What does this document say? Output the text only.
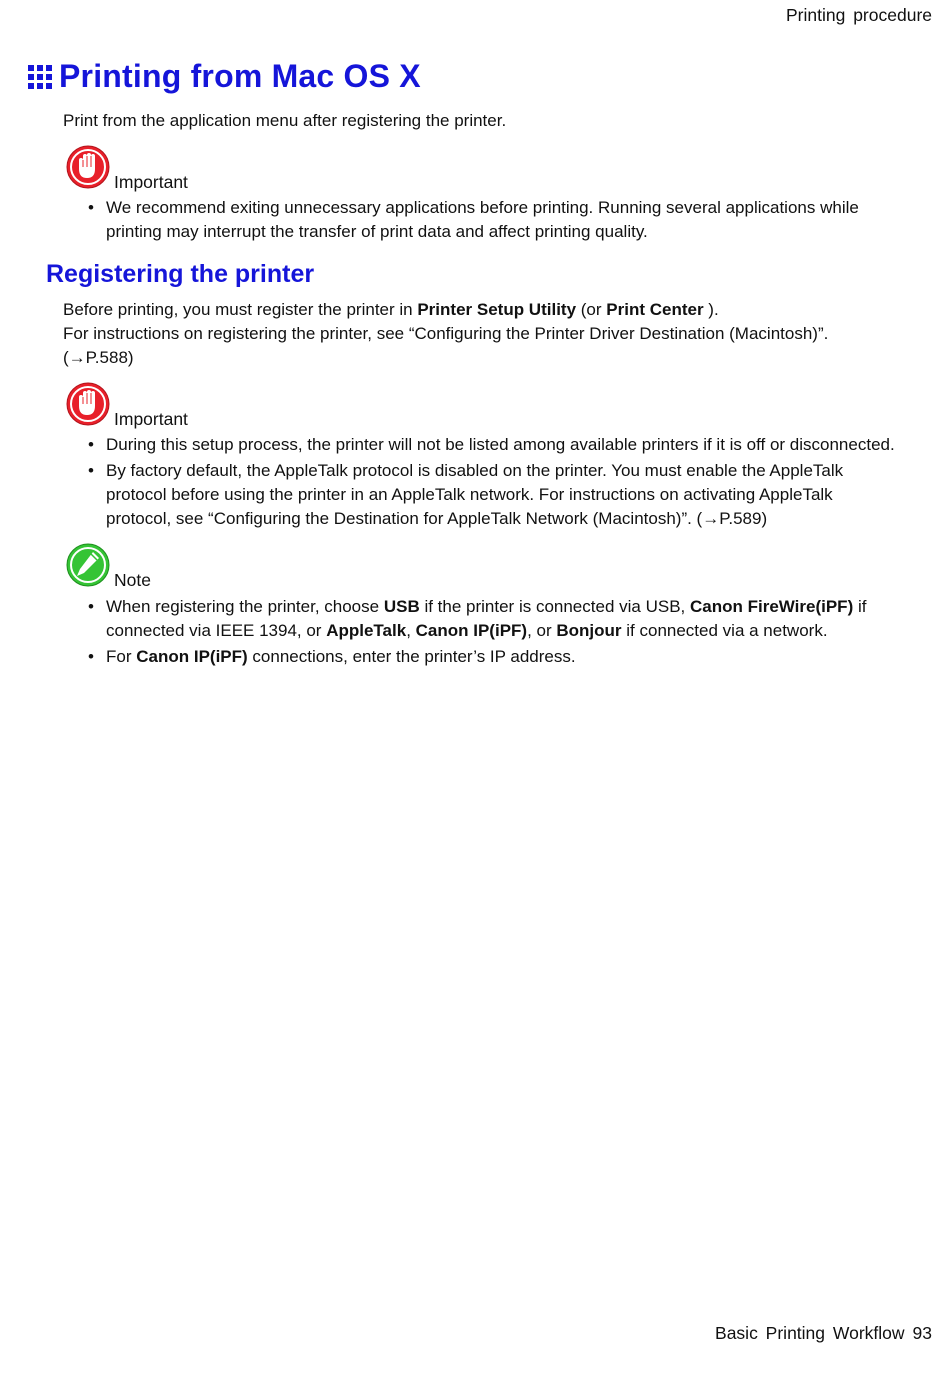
Printing procedure
Printing from Mac OS X
Print from the application menu after registering the printer.
Important
• We recommend exiting unnecessary applications before printing. Running several applications while printing may interrupt the transfer of print data and affect printing quality.
Registering the printer
Before printing, you must register the printer in Printer Setup Utility (or Print Center ).
For instructions on registering the printer, see “Configuring the Printer Driver Destination (Macintosh)”.
(→P.588)
Important
• During this setup process, the printer will not be listed among available printers if it is off or disconnected.
• By factory default, the AppleTalk protocol is disabled on the printer. You must enable the AppleTalk protocol before using the printer in an AppleTalk network. For instructions on activating AppleTalk protocol, see “Configuring the Destination for AppleTalk Network (Macintosh)”. (→P.589)
Note
• When registering the printer, choose USB if the printer is connected via USB, Canon FireWire(iPF) if connected via IEEE 1394, or AppleTalk, Canon IP(iPF), or Bonjour if connected via a network.
• For Canon IP(iPF) connections, enter the printer’s IP address.
Basic Printing Workflow 93
